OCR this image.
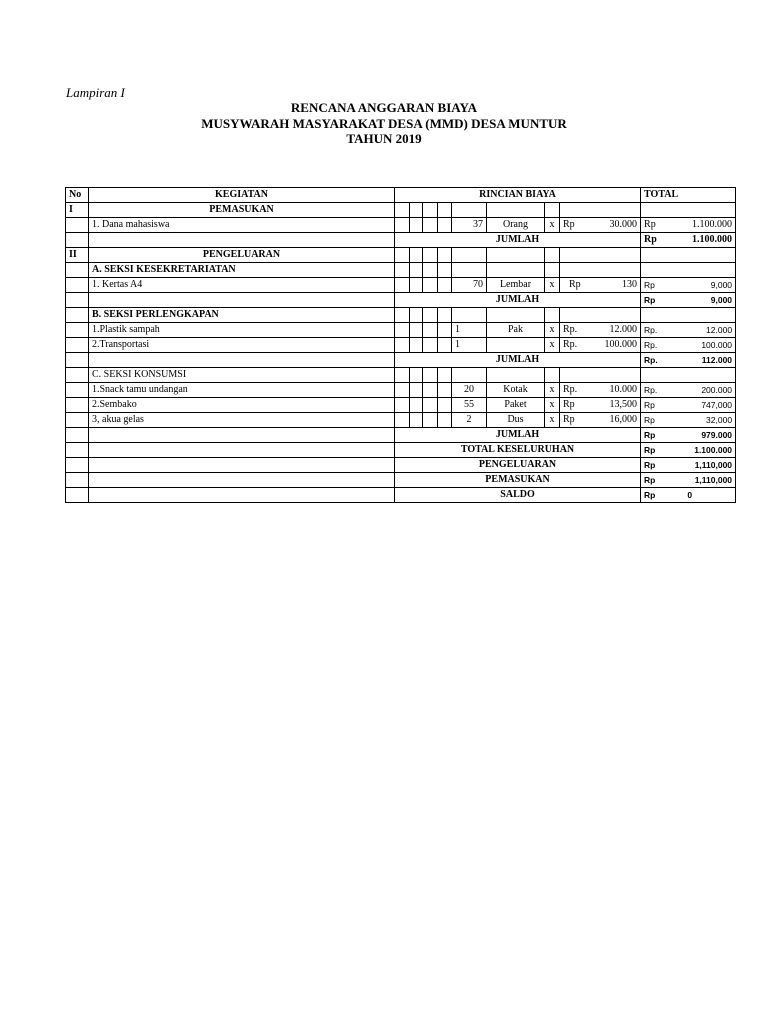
Lampiran I
RENCANA ANGGARAN BIAYA
MUSYWARAH MASYARAKAT DESA (MMD) DESA MUNTUR
TAHUN 2019
No	KEGIATAN	RINCIAN BIAYA								TOTAL
I	PEMASUKAN									
	1. Dana mahasiswa					37	Orang	x	Rp 30.000	Rp 1.100.000

		JUMLAH								Rp 1.100.000

II	PENGELUARAN									
	A. SEKSI KESEKRETARIATAN									
	1. Kertas A4					70	Lembar	x	Rp 130	Rp 9,000

		JUMLAH								Rp 9,000

	B. SEKSI PERLENGKAPAN									
	1.Plastik sampah					1	Pak	x	Rp. 12.000	Rp. 12.000

	2.Transportasi					1		x	Rp. 100.000	Rp. 100.000

		JUMLAH								Rp. 112.000

	C. SEKSI KONSUMSI									
	1.Snack tamu undangan					20	Kotak	x	Rp. 10.000	Rp. 200.000

	2.Sembako					55	Paket	x	Rp 13,500	Rp 747,000

	3, akua gelas					2	Dus	x	Rp 16,000	Rp 32,000

		JUMLAH								Rp 979.000

		TOTAL KESELURUHAN								Rp 1.100.000

		PENGELUARAN								Rp 1,110,000

		PEMASUKAN								Rp 1,110,000

		SALDO								Rp 0
